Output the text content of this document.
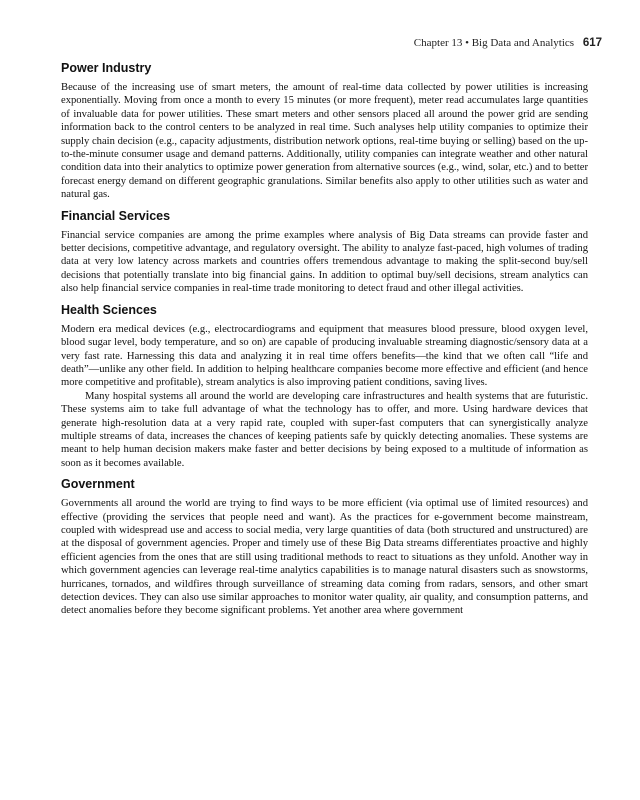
Chapter 13 • Big Data and Analytics 617
Power Industry

Because of the increasing use of smart meters, the amount of real-time data collected by power utilities is increasing exponentially. Moving from once a month to every 15 minutes (or more frequent), meter read accumulates large quantities of invaluable data for power utilities. These smart meters and other sensors placed all around the power grid are sending information back to the control centers to be analyzed in real time. Such analyses help utility companies to optimize their supply chain decision (e.g., capacity adjustments, distribution network options, real-time buying or selling) based on the up-to-the-minute consumer usage and demand patterns. Additionally, utility companies can integrate weather and other natural condition data into their analytics to optimize power generation from alternative sources (e.g., wind, solar, etc.) and to better forecast energy demand on different geographic granulations. Similar benefits also apply to other utilities such as water and natural gas.

Financial Services

Financial service companies are among the prime examples where analysis of Big Data streams can provide faster and better decisions, competitive advantage, and regulatory oversight. The ability to analyze fast-paced, high volumes of trading data at very low latency across markets and countries offers tremendous advantage to making the split-second buy/sell decisions that potentially translate into big financial gains. In addition to optimal buy/sell decisions, stream analytics can also help financial service companies in real-time trade monitoring to detect fraud and other illegal activities.

Health Sciences

Modern era medical devices (e.g., electrocardiograms and equipment that measures blood pressure, blood oxygen level, blood sugar level, body temperature, and so on) are capable of producing invaluable streaming diagnostic/sensory data at a very fast rate. Harnessing this data and analyzing it in real time offers benefits—the kind that we often call “life and death”—unlike any other field. In addition to helping healthcare companies become more effective and efficient (and hence more competitive and profitable), stream analytics is also improving patient conditions, saving lives.

Many hospital systems all around the world are developing care infrastructures and health systems that are futuristic. These systems aim to take full advantage of what the technology has to offer, and more. Using hardware devices that generate high-resolution data at a very rapid rate, coupled with super-fast computers that can synergistically analyze multiple streams of data, increases the chances of keeping patients safe by quickly detecting anomalies. These systems are meant to help human decision makers make faster and better decisions by being exposed to a multitude of information as soon as it becomes available.

Government

Governments all around the world are trying to find ways to be more efficient (via optimal use of limited resources) and effective (providing the services that people need and want). As the practices for e-government become mainstream, coupled with widespread use and access to social media, very large quantities of data (both structured and unstructured) are at the disposal of government agencies. Proper and timely use of these Big Data streams differentiates proactive and highly efficient agencies from the ones that are still using traditional methods to react to situations as they unfold. Another way in which government agencies can leverage real-time analytics capabilities is to manage natural disasters such as snowstorms, hurricanes, tornados, and wildfires through surveillance of streaming data coming from radars, sensors, and other smart detection devices. They can also use similar approaches to monitor water quality, air quality, and consumption patterns, and detect anomalies before they become significant problems. Yet another area where government
